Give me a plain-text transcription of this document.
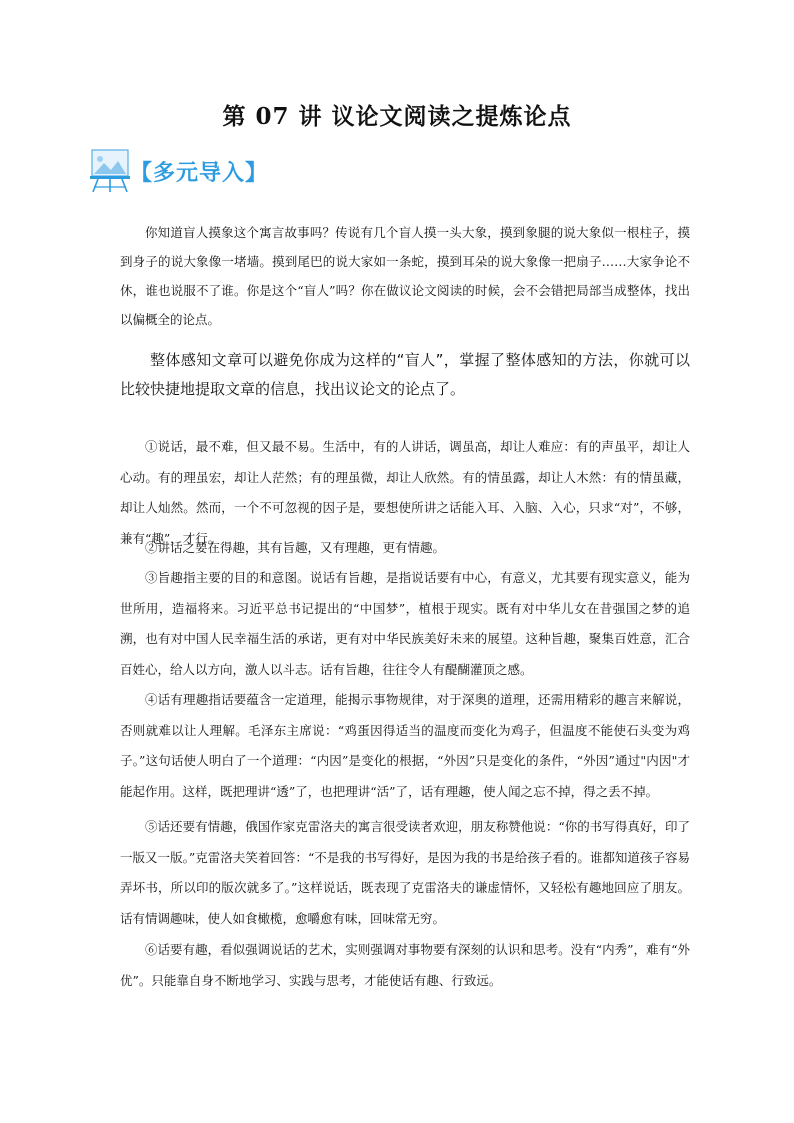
第 07 讲 议论文阅读之提炼论点
【多元导入】

你知道盲人摸象这个寓言故事吗？传说有几个盲人摸一头大象，摸到象腿的说大象似一根柱子，摸到身子的说大象像一堵墙。摸到尾巴的说大家如一条蛇，摸到耳朵的说大象像一把扇子……大家争论不休，谁也说服不了谁。你是这个“盲人”吗？你在做议论文阅读的时候，会不会错把局部当成整体，找出以偏概全的论点。

整体感知文章可以避免你成为这样的“盲人”，掌握了整体感知的方法，你就可以比较快捷地提取文章的信息，找出议论文的论点了。

①说话，最不难，但又最不易。生活中，有的人讲话，调虽高，却让人难应：有的声虽平，却让人心动。有的理虽宏，却让人茫然；有的理虽微，却让人欣然。有的情虽露，却让人木然：有的情虽藏，却让人灿然。然而，一个不可忽视的因子是，要想使所讲之话能入耳、入脑、入心，只求“对”，不够，兼有“趣”，才行。

②讲话之要在得趣，其有旨趣，又有理趣，更有情趣。

③旨趣指主要的目的和意图。说话有旨趣，是指说话要有中心，有意义，尤其要有现实意义，能为世所用，造福将来。习近平总书记提出的“中国梦”，植根于现实。既有对中华儿女在昔强国之梦的追溯，也有对中国人民幸福生活的承诺，更有对中华民族美好未来的展望。这种旨趣，聚集百姓意，汇合百姓心，给人以方向，激人以斗志。话有旨趣，往往令人有醍醐灌顶之感。

④话有理趣指话要蕴含一定道理，能揭示事物规律，对于深奥的道理，还需用精彩的趣言来解说，否则就难以让人理解。毛泽东主席说：“鸡蛋因得适当的温度而变化为鸡子，但温度不能使石头变为鸡子。”这句话使人明白了一个道理：“内因”是变化的根据，“外因”只是变化的条件，“外因”通过"内因"才能起作用。这样，既把理讲“透”了，也把理讲“活”了，话有理趣，使人闻之忘不掉，得之丢不掉。

⑤话还要有情趣，俄国作家克雷洛夫的寓言很受读者欢迎，朋友称赞他说：“你的书写得真好，印了一版又一版。”克雷洛夫笑着回答：“不是我的书写得好，是因为我的书是给孩子看的。谁都知道孩子容易弄坏书，所以印的版次就多了。”这样说话，既表现了克雷洛夫的谦虚情怀，又轻松有趣地回应了朋友。话有情调趣味，使人如食橄榄，愈嚼愈有味，回味常无穷。

⑥话要有趣，看似强调说话的艺术，实则强调对事物要有深刻的认识和思考。没有“内秀”，难有“外优”。只能靠自身不断地学习、实践与思考，才能使话有趣、行致远。
